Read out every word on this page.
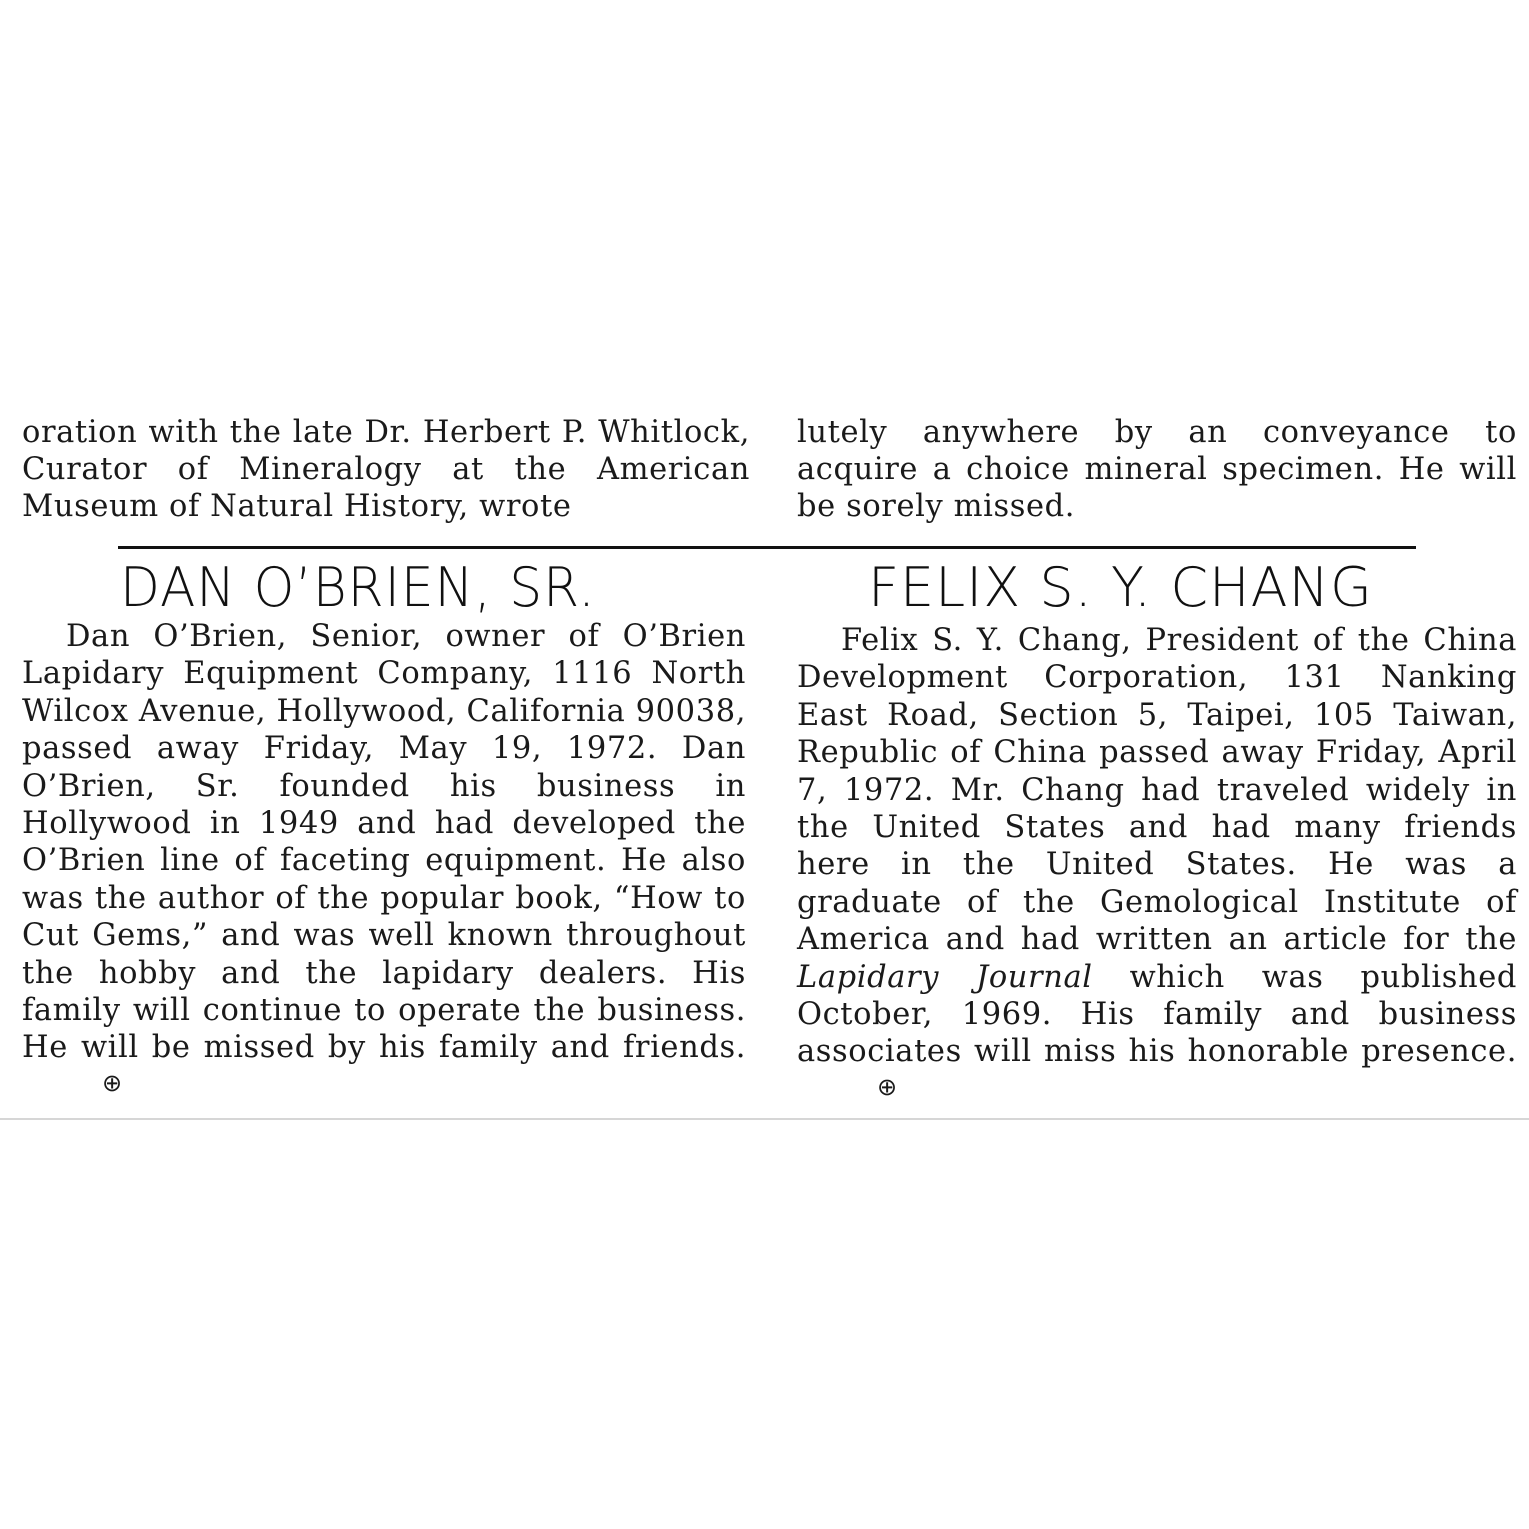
oration with the late Dr. Herbert P. Whitlock, Curator of Mineralogy at the American Museum of Natural History, wrote

lutely anywhere by an conveyance to acquire a choice mineral specimen. He will be sorely missed.

DAN O’BRIEN, SR.

Dan O’Brien, Senior, owner of O’Brien Lapidary Equipment Company, 1116 North Wilcox Avenue, Hollywood, California 90038, passed away Friday, May 19, 1972. Dan O’Brien, Sr. founded his business in Hollywood in 1949 and had developed the O’Brien line of faceting equipment. He also was the author of the popular book, “How to Cut Gems,” and was well known throughout the hobby and the lapidary dealers. His family will continue to operate the business. He will be missed by his family and friends.⊕

FELIX S. Y. CHANG

Felix S. Y. Chang, President of the China Development Corporation, 131 Nanking East Road, Section 5, Taipei, 105 Taiwan, Republic of China passed away Friday, April 7, 1972. Mr. Chang had traveled widely in the United States and had many friends here in the United States. He was a graduate of the Gemological Institute of America and had written an article for the Lapidary Journal which was published October, 1969. His family and business associates will miss his honorable presence.⊕
